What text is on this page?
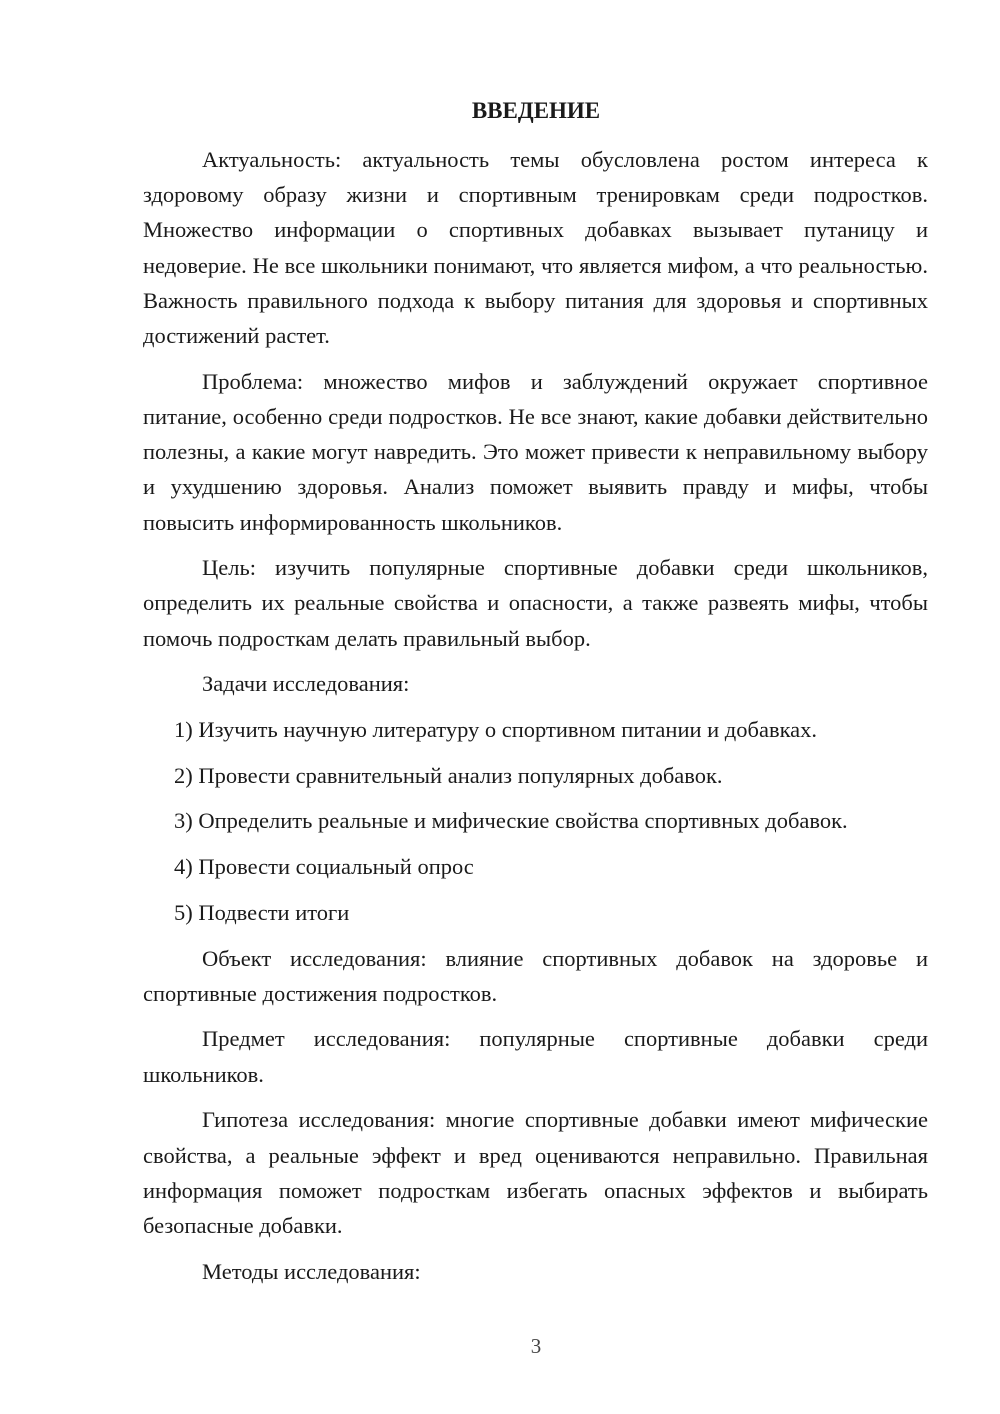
ВВЕДЕНИЕ

Актуальность: актуальность темы обусловлена ростом интереса к здоровому образу жизни и спортивным тренировкам среди подростков. Множество информации о спортивных добавках вызывает путаницу и недоверие. Не все школьники понимают, что является мифом, а что реальностью. Важность правильного подхода к выбору питания для здоровья и спортивных достижений растет.

Проблема: множество мифов и заблуждений окружает спортивное питание, особенно среди подростков. Не все знают, какие добавки действительно полезны, а какие могут навредить. Это может привести к неправильному выбору и ухудшению здоровья. Анализ поможет выявить правду и мифы, чтобы повысить информированность школьников.

Цель: изучить популярные спортивные добавки среди школьников, определить их реальные свойства и опасности, а также развеять мифы, чтобы помочь подросткам делать правильный выбор.

Задачи исследования:

1) Изучить научную литературу о спортивном питании и добавках.

2) Провести сравнительный анализ популярных добавок.

3) Определить реальные и мифические свойства спортивных добавок.

4) Провести социальный опрос

5) Подвести итоги

Объект исследования: влияние спортивных добавок на здоровье и спортивные достижения подростков.

Предмет исследования: популярные спортивные добавки среди школьников.

Гипотеза исследования: многие спортивные добавки имеют мифические свойства, а реальные эффект и вред оцениваются неправильно. Правильная информация поможет подросткам избегать опасных эффектов и выбирать безопасные добавки.

Методы исследования:

3
